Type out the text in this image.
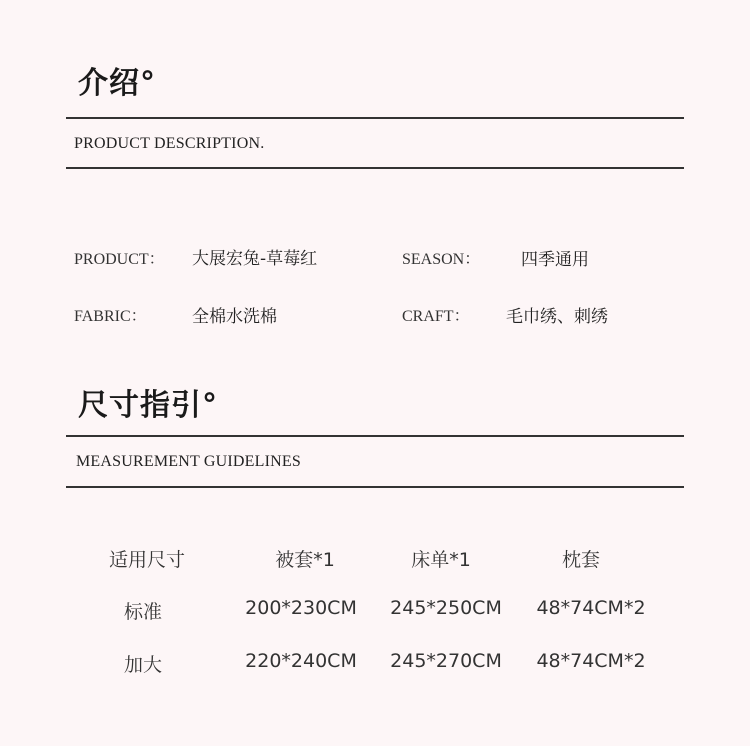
介绍°
PRODUCT DESCRIPTION.
PRODUCT： 大展宏兔-草莓红	SEASON： 四季通用
FABRIC：	全棉水洗棉	CRAFT： 毛巾绣、刺绣
尺寸指引°
MEASUREMENT GUIDELINES
适用尺寸	被套*1	床单*1	枕套
标准	200*230CM	245*250CM	48*74CM*2
加大	220*240CM	245*270CM	48*74CM*2
